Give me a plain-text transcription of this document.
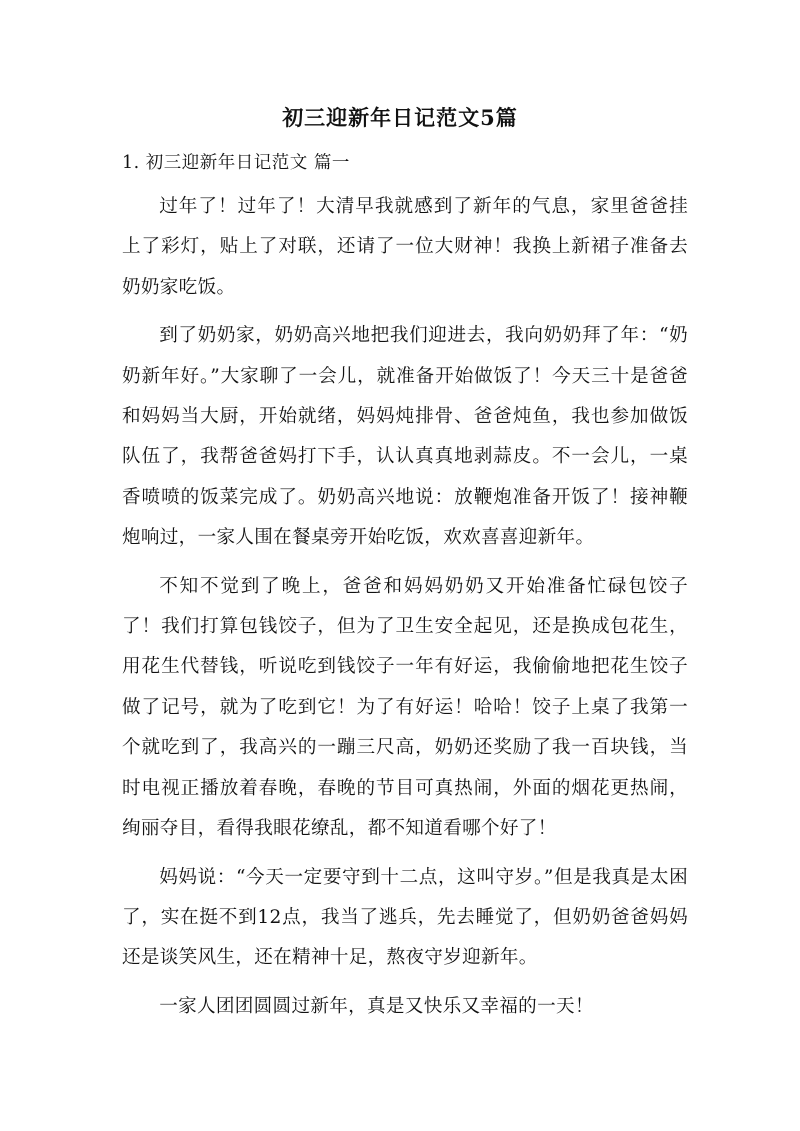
初三迎新年日记范文5篇
1. 初三迎新年日记范文 篇一

过年了！过年了！大清早我就感到了新年的气息，家里爸爸挂上了彩灯，贴上了对联，还请了一位大财神！我换上新裙子准备去奶奶家吃饭。

到了奶奶家，奶奶高兴地把我们迎进去，我向奶奶拜了年：“奶奶新年好。”大家聊了一会儿，就准备开始做饭了！今天三十是爸爸和妈妈当大厨，开始就绪，妈妈炖排骨、爸爸炖鱼，我也参加做饭队伍了，我帮爸爸妈打下手，认认真真地剥蒜皮。不一会儿，一桌香喷喷的饭菜完成了。奶奶高兴地说：放鞭炮准备开饭了！接神鞭炮响过，一家人围在餐桌旁开始吃饭，欢欢喜喜迎新年。

不知不觉到了晚上，爸爸和妈妈奶奶又开始准备忙碌包饺子了！我们打算包钱饺子，但为了卫生安全起见，还是换成包花生，用花生代替钱，听说吃到钱饺子一年有好运，我偷偷地把花生饺子做了记号，就为了吃到它！为了有好运！哈哈！饺子上桌了我第一个就吃到了，我高兴的一蹦三尺高，奶奶还奖励了我一百块钱，当时电视正播放着春晚，春晚的节目可真热闹，外面的烟花更热闹，绚丽夺目，看得我眼花缭乱，都不知道看哪个好了！

妈妈说：“今天一定要守到十二点，这叫守岁。”但是我真是太困了，实在挺不到12点，我当了逃兵，先去睡觉了，但奶奶爸爸妈妈还是谈笑风生，还在精神十足，熬夜守岁迎新年。

一家人团团圆圆过新年，真是又快乐又幸福的一天！
